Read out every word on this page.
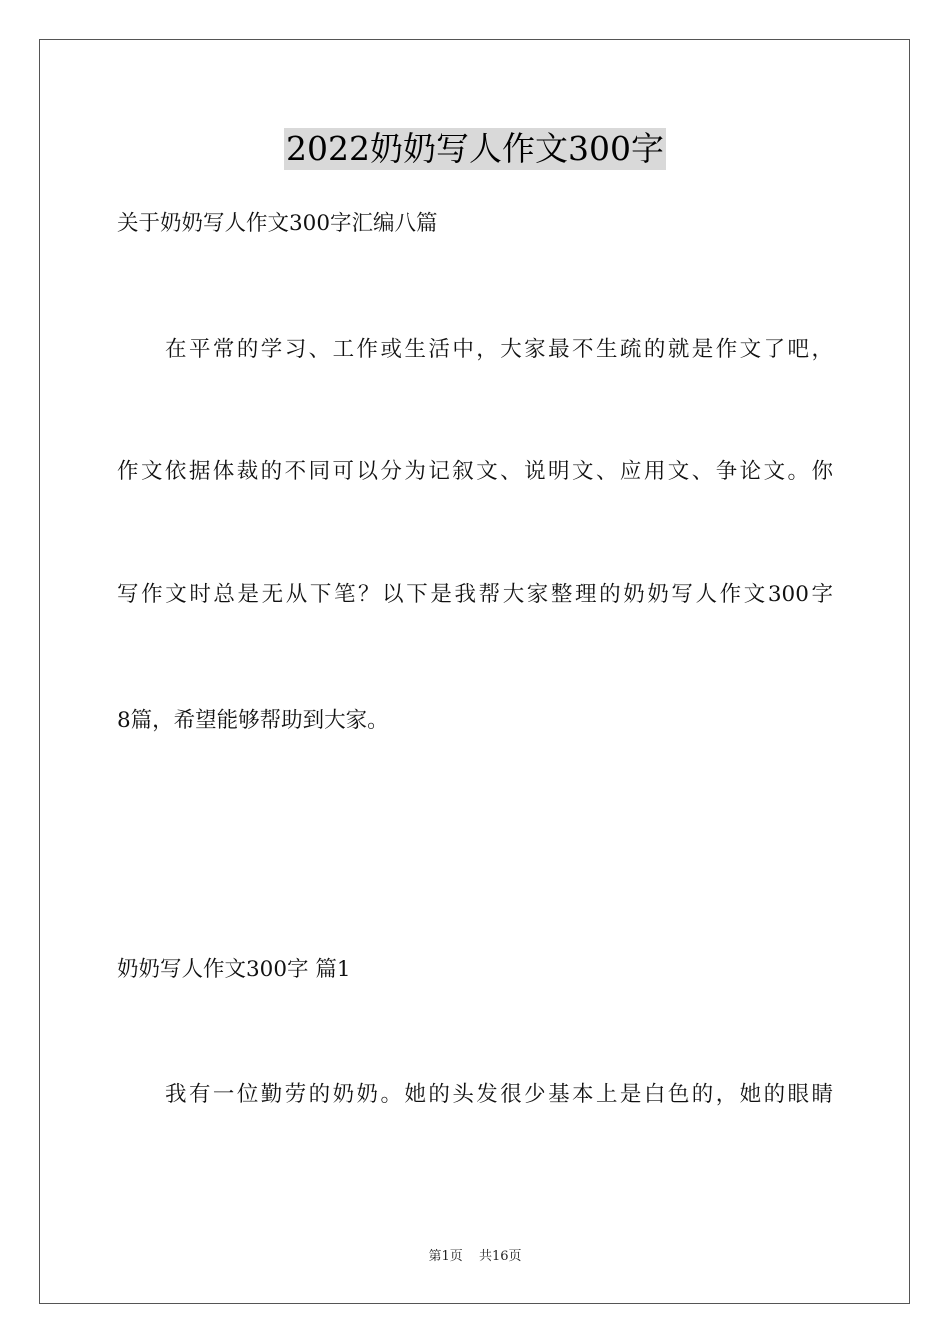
2022奶奶写人作文300字
关于奶奶写人作文300字汇编八篇
在平常的学习、工作或生活中，大家最不生疏的就是作文了吧，
作文依据体裁的不同可以分为记叙文、说明文、应用文、争论文。你
写作文时总是无从下笔？以下是我帮大家整理的奶奶写人作文300字
8篇，希望能够帮助到大家。
奶奶写人作文300字 篇1
我有一位勤劳的奶奶。她的头发很少基本上是白色的，她的眼睛
第1页 共16页
